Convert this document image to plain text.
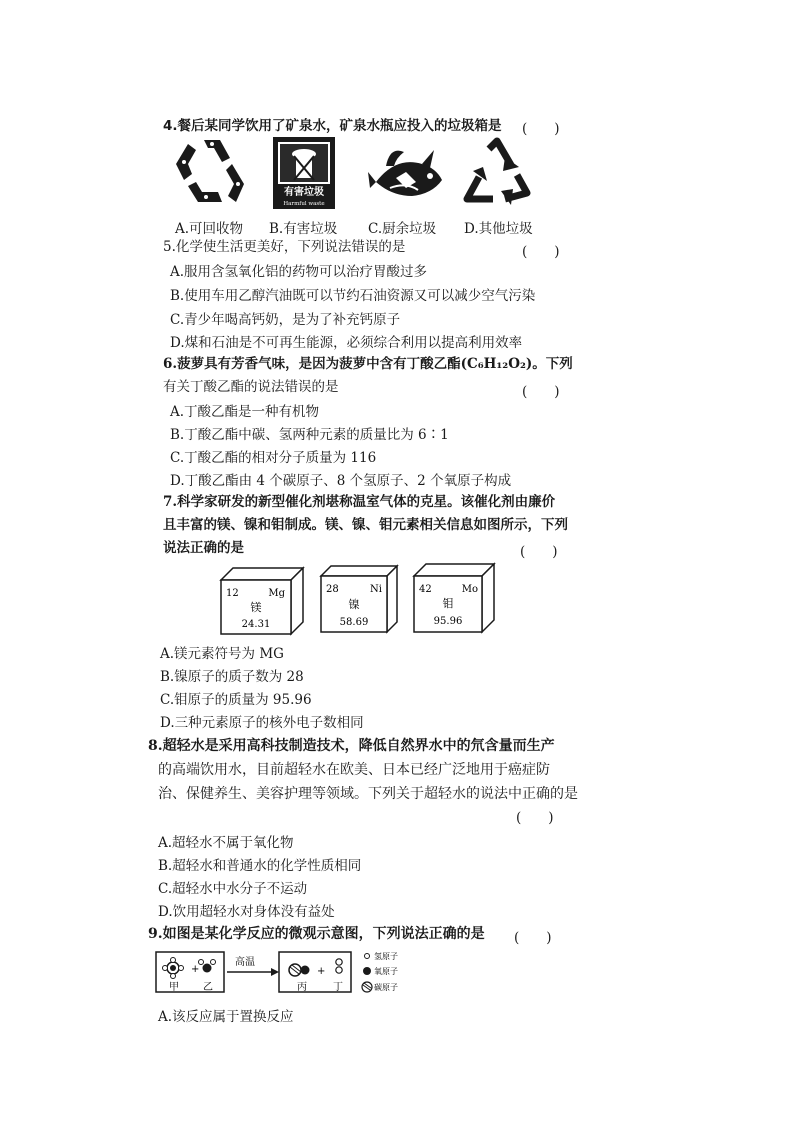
4.餐后某同学饮用了矿泉水，矿泉水瓶应投入的垃圾箱是 (　　)
有害垃圾
Harmful waste
A.可回收物 B.有害垃圾 C.厨余垃圾 D.其他垃圾
5.化学使生活更美好，下列说法错误的是	(　　)
A.服用含氢氧化铝的药物可以治疗胃酸过多
B.使用车用乙醇汽油既可以节约石油资源又可以减少空气污染
C.青少年喝高钙奶，是为了补充钙原子
D.煤和石油是不可再生能源，必须综合利用以提高利用效率
6.菠萝具有芳香气味，是因为菠萝中含有丁酸乙酯(C₆H₁₂O₂)。下列
有关丁酸乙酯的说法错误的是	(　　)
A.丁酸乙酯是一种有机物
B.丁酸乙酯中碳、氢两种元素的质量比为 6∶1
C.丁酸乙酯的相对分子质量为 116
D.丁酸乙酯由 4 个碳原子、8 个氢原子、2 个氧原子构成
7.科学家研发的新型催化剂堪称温室气体的克星。该催化剂由廉价
且丰富的镁、镍和钼制成。镁、镍、钼元素相关信息如图所示，下列
说法正确的是	(　　)
12	Mg
镁
24.31
28	Ni
镍
58.69
42	Mo
钼
95.96
A.镁元素符号为 MG
B.镍原子的质子数为 28
C.钼原子的质量为 95.96
D.三种元素原子的核外电子数相同
8.超轻水是采用高科技制造技术，降低自然界水中的氘含量而生产
的高端饮用水，目前超轻水在欧美、日本已经广泛地用于癌症防
治、保健养生、美容护理等领域。下列关于超轻水的说法中正确的是
(　　)
A.超轻水不属于氧化物
B.超轻水和普通水的化学性质相同
C.超轻水中水分子不运动
D.饮用超轻水对身体没有益处
9.如图是某化学反应的微观示意图，下列说法正确的是 (　　)
+
甲 乙
高温
+
丙	丁
氢原子
氧原子
碳原子
A.该反应属于置换反应
